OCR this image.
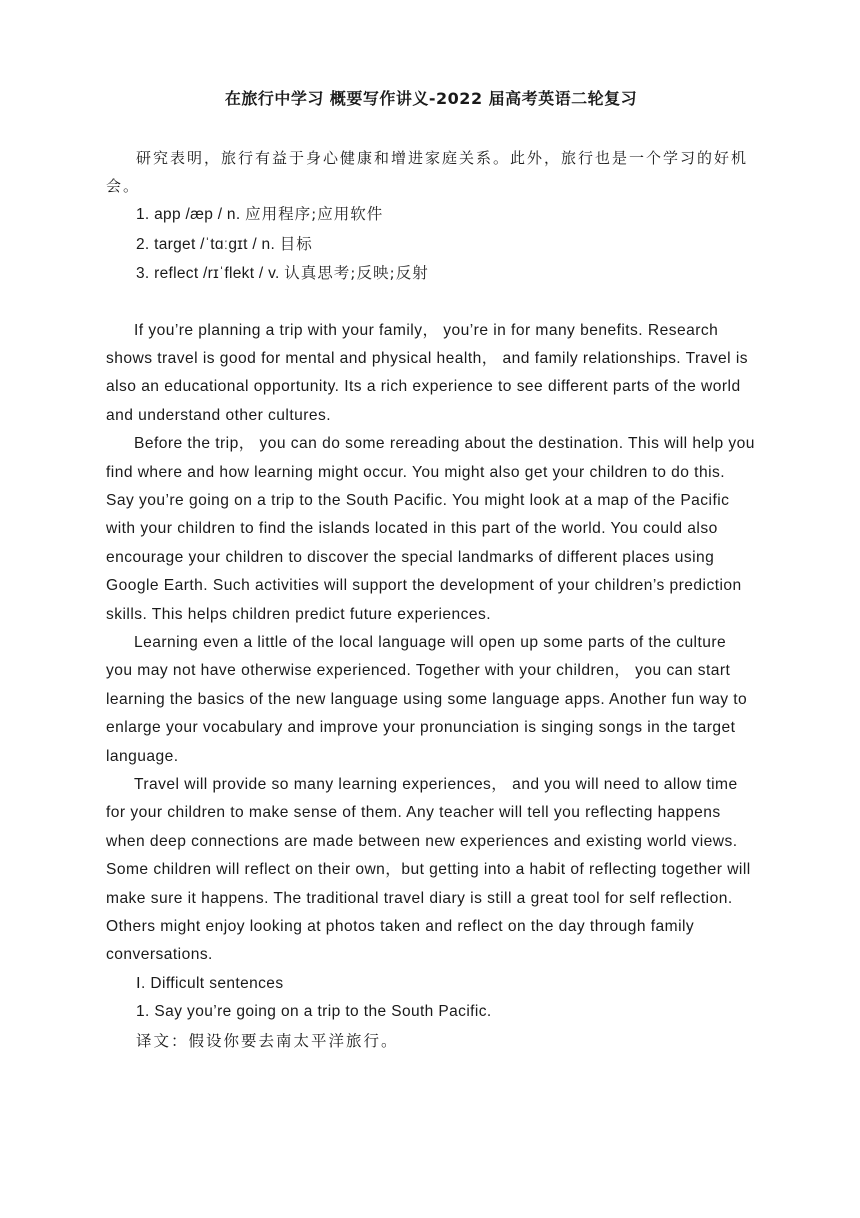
在旅行中学习 概要写作讲义-2022 届高考英语二轮复习

研究表明，旅行有益于身心健康和增进家庭关系。此外，旅行也是一个学习的好机会。

1. app /æp / n. 应用程序;应用软件
2. target /ˈtɑːɡɪt / n. 目标
3. reflect /rɪˈflekt / v. 认真思考;反映;反射

If you’re planning a trip with your family， you’re in for many benefits. Research shows travel is good for mental and physical health， and family relationships. Travel is also an educational opportunity. Its a rich experience to see different parts of the world and understand other cultures.

Before the trip， you can do some rereading about the destination. This will help you find where and how learning might occur. You might also get your children to do this. Say you’re going on a trip to the South Pacific. You might look at a map of the Pacific with your children to find the islands located in this part of the world. You could also encourage your children to discover the special landmarks of different places using Google Earth. Such activities will support the development of your children’s prediction skills. This helps children predict future experiences.

Learning even a little of the local language will open up some parts of the culture you may not have otherwise experienced. Together with your children， you can start learning the basics of the new language using some language apps. Another fun way to enlarge your vocabulary and improve your pronunciation is singing songs in the target language.

Travel will provide so many learning experiences， and you will need to allow time for your children to make sense of them. Any teacher will tell you reflecting happens when deep connections are made between new experiences and existing world views. Some children will reflect on their own，but getting into a habit of reflecting together will make sure it happens. The traditional travel diary is still a great tool for self reflection. Others might enjoy looking at photos taken and reflect on the day through family conversations.

Ⅰ. Difficult sentences

1. Say you’re going on a trip to the South Pacific.

译文：假设你要去南太平洋旅行。
